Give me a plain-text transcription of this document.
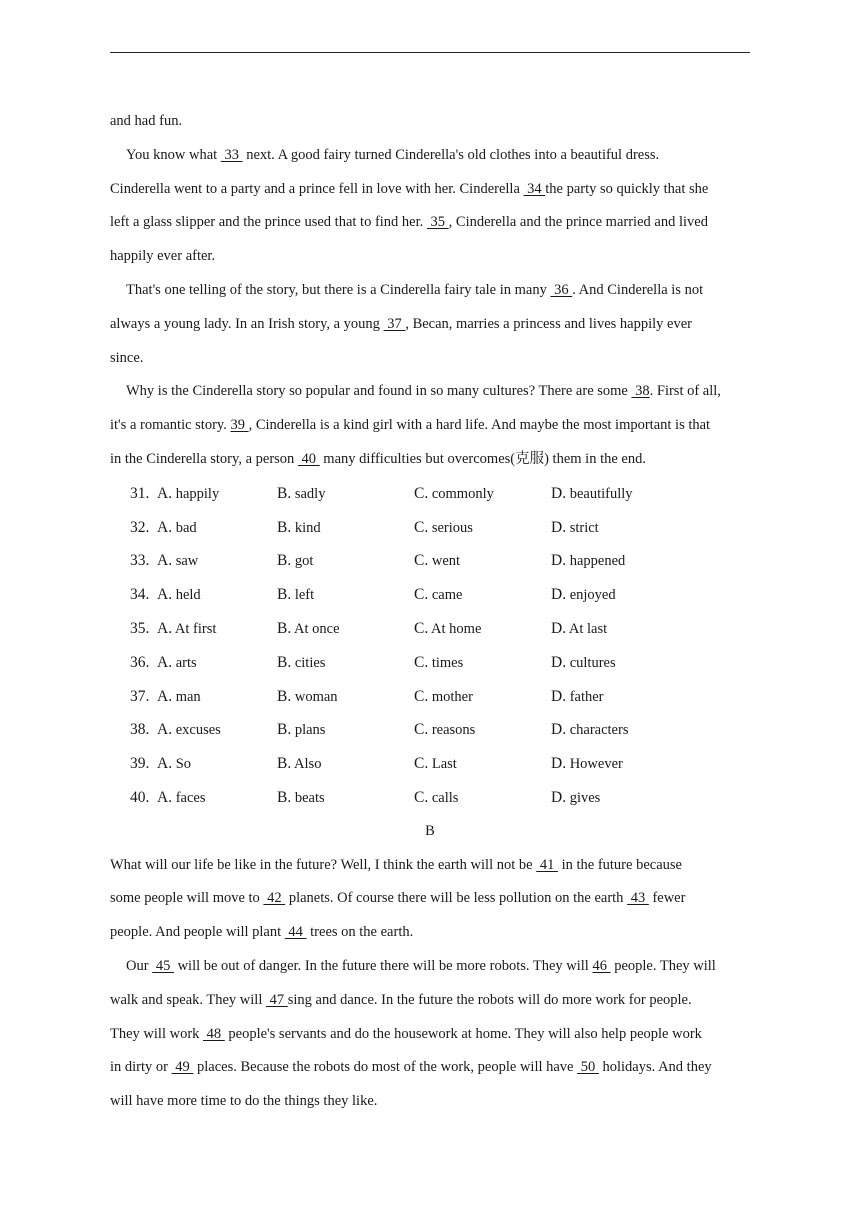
and had fun.
You know what  33  next. A good fairy turned Cinderella's old clothes into a beautiful dress.
Cinderella went to a party and a prince fell in love with her. Cinderella  34 the party so quickly that she
left a glass slipper and the prince used that to find her.  35 , Cinderella and the prince married and lived
happily ever after.
That's one telling of the story, but there is a Cinderella fairy tale in many  36 . And Cinderella is not
always a young lady. In an Irish story, a young  37 , Becan, marries a princess and lives happily ever
since.
Why is the Cinderella story so popular and found in so many cultures? There are some  38. First of all,
it's a romantic story. 39 , Cinderella is a kind girl with a hard life. And maybe the most important is that
in the Cinderella story, a person  40  many difficulties but overcomes(克服) them in the end.
31. A. happily	B. sadly	C. commonly	D. beautifully
32. A. bad	B. kind	C. serious	D. strict
33. A. saw	B. got	C. went	D. happened
34. A. held	B. left	C. came	D. enjoyed
35. A. At first	B. At once	C. At home	D. At last
36. A. arts	B. cities	C. times	D. cultures
37. A. man	B. woman	C. mother	D. father
38. A. excuses	B. plans	C. reasons	D. characters
39. A. So	B. Also	C. Last	D. However
40. A. faces	B. beats	C. calls	D. gives
B
What will our life be like in the future? Well, I think the earth will not be  41  in the future because
some people will move to  42  planets. Of course there will be less pollution on the earth  43  fewer
people. And people will plant  44  trees on the earth.
Our  45  will be out of danger. In the future there will be more robots. They will 46  people. They will
walk and speak. They will  47 sing and dance. In the future the robots will do more work for people.
They will work  48  people's servants and do the housework at home. They will also help people work
in dirty or  49  places. Because the robots do most of the work, people will have  50  holidays. And they
will have more time to do the things they like.
